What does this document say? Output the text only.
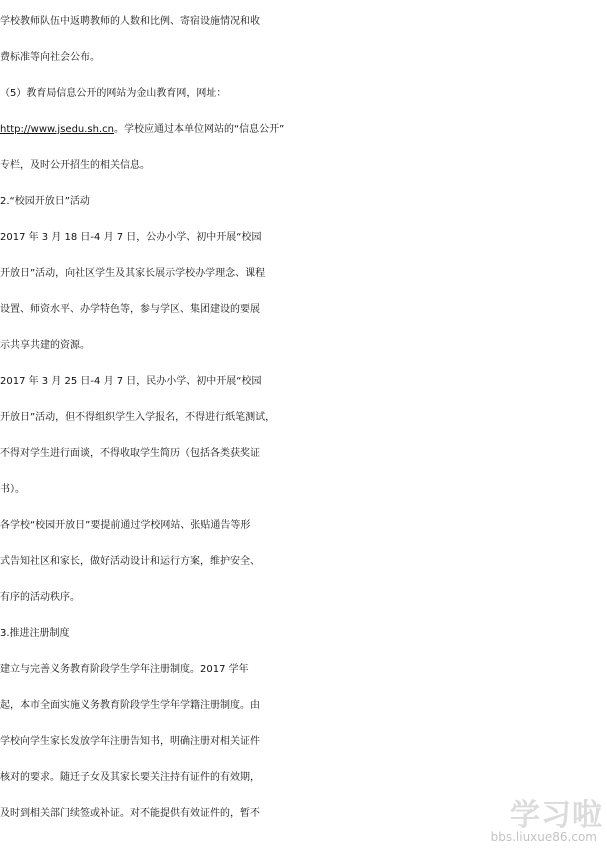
学校教师队伍中返聘教师的人数和比例、寄宿设施情况和收
费标准等向社会公布。
（5）教育局信息公开的网站为金山教育网，网址：
http://www.jsedu.sh.cn。学校应通过本单位网站的“信息公开”
专栏，及时公开招生的相关信息。
2.“校园开放日”活动
2017 年 3 月 18 日-4 月 7 日，公办小学、初中开展“校园
开放日”活动，向社区学生及其家长展示学校办学理念、课程
设置、师资水平、办学特色等，参与学区、集团建设的要展
示共享共建的资源。
2017 年 3 月 25 日-4 月 7 日，民办小学、初中开展“校园
开放日”活动，但不得组织学生入学报名，不得进行纸笔测试，
不得对学生进行面谈，不得收取学生简历（包括各类获奖证
书）。
各学校“校园开放日”要提前通过学校网站、张贴通告等形
式告知社区和家长，做好活动设计和运行方案，维护安全、
有序的活动秩序。
3.推进注册制度
建立与完善义务教育阶段学生学年注册制度。2017 学年
起，本市全面实施义务教育阶段学生学年学籍注册制度。由
学校向学生家长发放学年注册告知书，明确注册对相关证件
核对的要求。随迁子女及其家长要关注持有证件的有效期，
及时到相关部门续签或补证。对不能提供有效证件的，暂不	学习啦
bbs.liuxue86.com
